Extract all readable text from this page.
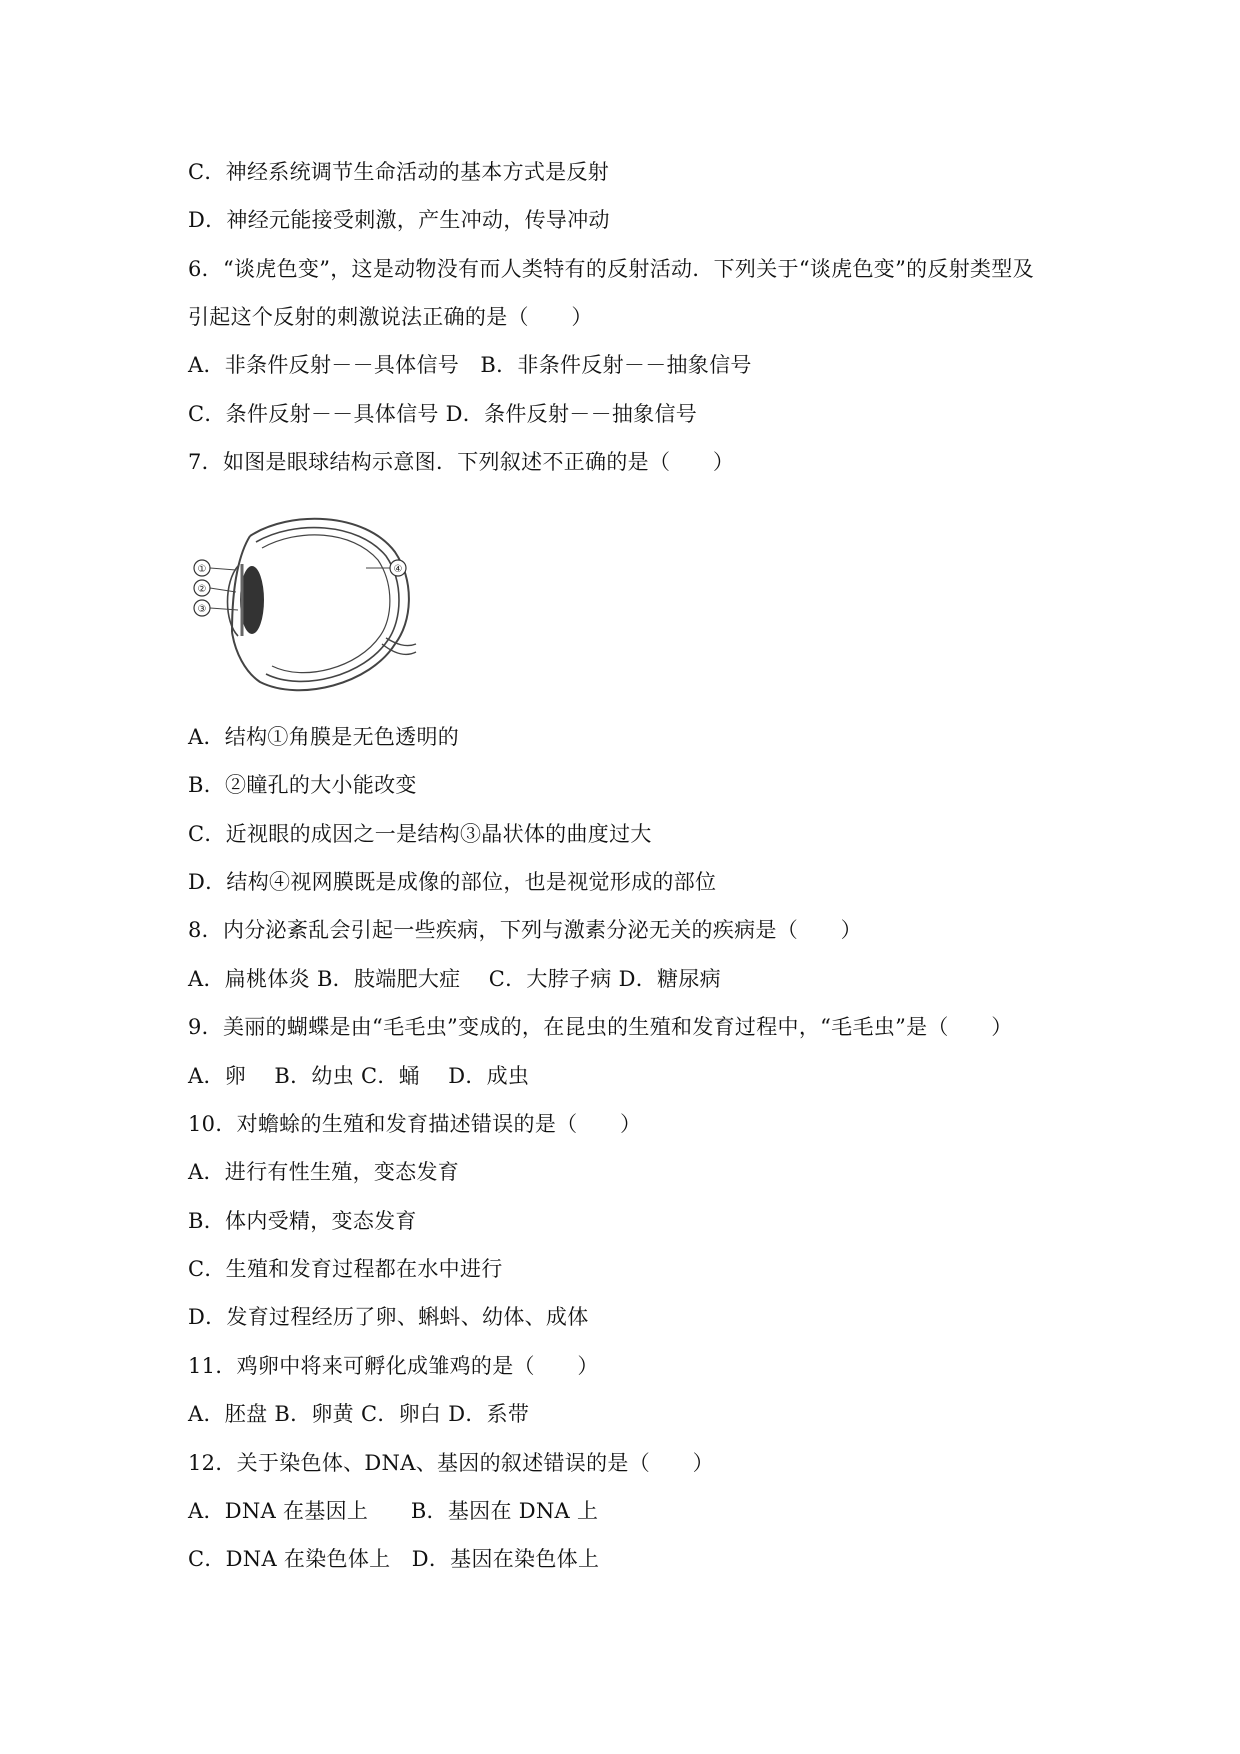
C．神经系统调节生命活动的基本方式是反射
D．神经元能接受刺激，产生冲动，传导冲动
6．“谈虎色变”，这是动物没有而人类特有的反射活动．下列关于“谈虎色变”的反射类型及
引起这个反射的刺激说法正确的是（　　）
A．非条件反射－－具体信号　B．非条件反射－－抽象信号
C．条件反射－－具体信号 D．条件反射－－抽象信号
7．如图是眼球结构示意图．下列叙述不正确的是（　　）
①
②
③
④
A．结构①角膜是无色透明的
B．②瞳孔的大小能改变
C．近视眼的成因之一是结构③晶状体的曲度过大
D．结构④视网膜既是成像的部位，也是视觉形成的部位
8．内分泌紊乱会引起一些疾病，下列与激素分泌无关的疾病是（　　）
A．扁桃体炎 B．肢端肥大症　 C．大脖子病 D．糖尿病
9．美丽的蝴蝶是由“毛毛虫”变成的，在昆虫的生殖和发育过程中，“毛毛虫”是（　　）
A．卵　 B．幼虫 C．蛹　 D．成虫
10．对蟾蜍的生殖和发育描述错误的是（　　）
A．进行有性生殖，变态发育
B．体内受精，变态发育
C．生殖和发育过程都在水中进行
D．发育过程经历了卵、蝌蚪、幼体、成体
11．鸡卵中将来可孵化成雏鸡的是（　　）
A．胚盘 B．卵黄 C．卵白 D．系带
12．关于染色体、DNA、基因的叙述错误的是（　　）
A．DNA 在基因上　　B．基因在 DNA 上
C．DNA 在染色体上　D．基因在染色体上
